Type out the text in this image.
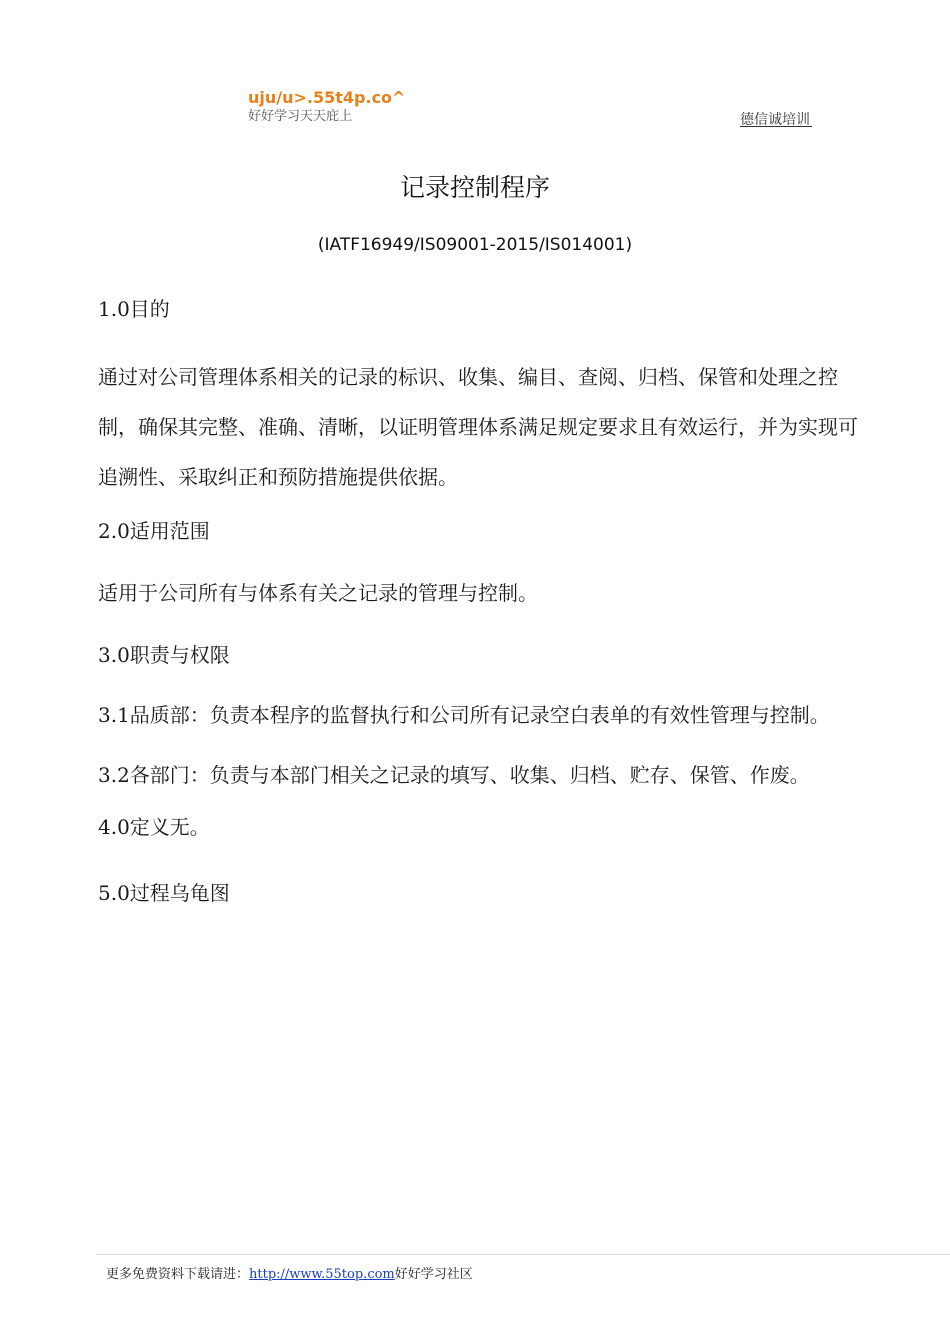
uju/u>.55t4p.co^
好好学习天天庇上	德信诚培训
记录控制程序
(IATF16949/IS09001-2015/IS014001)

1.0目的

通过对公司管理体系相关的记录的标识、收集、编目、查阅、归档、保管和处理之控制，确保其完整、准确、清晰，以证明管理体系满足规定要求且有效运行，并为实现可追溯性、采取纠正和预防措施提供依据。

2.0适用范围

适用于公司所有与体系有关之记录的管理与控制。

3.0职责与权限

3.1品质部：负责本程序的监督执行和公司所有记录空白表单的有效性管理与控制。

3.2各部门：负责与本部门相关之记录的填写、收集、归档、贮存、保管、作废。

4.0定义无。

5.0过程乌龟图

更多免费资料下载请进：http://www.55top.com好好学习社区
